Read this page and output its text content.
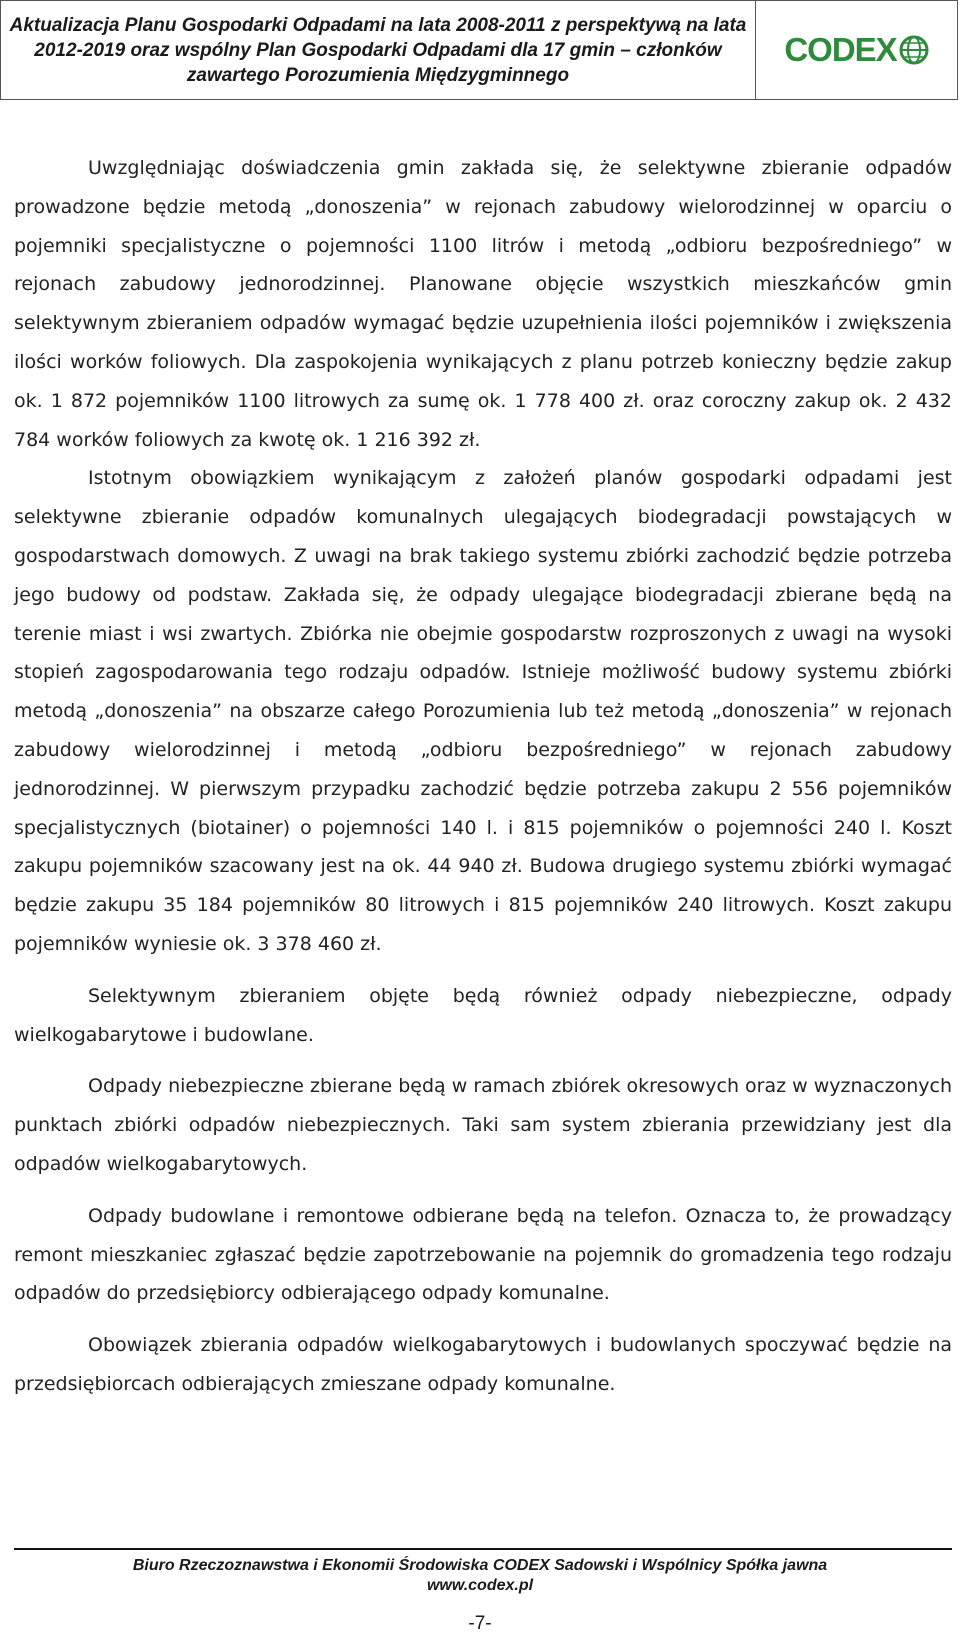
Aktualizacja Planu Gospodarki Odpadami na lata 2008-2011 z perspektywą na lata 2012-2019 oraz wspólny Plan Gospodarki Odpadami dla 17 gmin – członków zawartego Porozumienia Międzygminnego
CODEX

Uwzględniając doświadczenia gmin zakłada się, że selektywne zbieranie odpadów prowadzone będzie metodą „donoszenia” w rejonach zabudowy wielorodzinnej w oparciu o pojemniki specjalistyczne o pojemności 1100 litrów i metodą „odbioru bezpośredniego” w rejonach zabudowy jednorodzinnej. Planowane objęcie wszystkich mieszkańców gmin selektywnym zbieraniem odpadów wymagać będzie uzupełnienia ilości pojemników i zwiększenia ilości worków foliowych. Dla zaspokojenia wynikających z planu potrzeb konieczny będzie zakup ok. 1 872 pojemników 1100 litrowych za sumę ok. 1 778 400 zł. oraz coroczny zakup ok. 2 432 784 worków foliowych za kwotę ok. 1 216 392 zł.

Istotnym obowiązkiem wynikającym z założeń planów gospodarki odpadami jest selektywne zbieranie odpadów komunalnych ulegających biodegradacji powstających w gospodarstwach domowych. Z uwagi na brak takiego systemu zbiórki zachodzić będzie potrzeba jego budowy od podstaw. Zakłada się, że odpady ulegające biodegradacji zbierane będą na terenie miast i wsi zwartych. Zbiórka nie obejmie gospodarstw rozproszonych z uwagi na wysoki stopień zagospodarowania tego rodzaju odpadów. Istnieje możliwość budowy systemu zbiórki metodą „donoszenia” na obszarze całego Porozumienia lub też metodą „donoszenia” w rejonach zabudowy wielorodzinnej i metodą „odbioru bezpośredniego” w rejonach zabudowy jednorodzinnej. W pierwszym przypadku zachodzić będzie potrzeba zakupu 2 556 pojemników specjalistycznych (biotainer) o pojemności 140 l. i 815 pojemników o pojemności 240 l. Koszt zakupu pojemników szacowany jest na ok. 44 940 zł. Budowa drugiego systemu zbiórki wymagać będzie zakupu 35 184 pojemników 80 litrowych i 815 pojemników 240 litrowych. Koszt zakupu pojemników wyniesie ok. 3 378 460 zł.

Selektywnym zbieraniem objęte będą również odpady niebezpieczne, odpady wielkogabarytowe i budowlane.

Odpady niebezpieczne zbierane będą w ramach zbiórek okresowych oraz w wyznaczonych punktach zbiórki odpadów niebezpiecznych. Taki sam system zbierania przewidziany jest dla odpadów wielkogabarytowych.

Odpady budowlane i remontowe odbierane będą na telefon. Oznacza to, że prowadzący remont mieszkaniec zgłaszać będzie zapotrzebowanie na pojemnik do gromadzenia tego rodzaju odpadów do przedsiębiorcy odbierającego odpady komunalne.

Obowiązek zbierania odpadów wielkogabarytowych i budowlanych spoczywać będzie na przedsiębiorcach odbierających zmieszane odpady komunalne.

Biuro Rzeczoznawstwa i Ekonomii Środowiska CODEX Sadowski i Wspólnicy Spółka jawna
www.codex.pl
-7-
